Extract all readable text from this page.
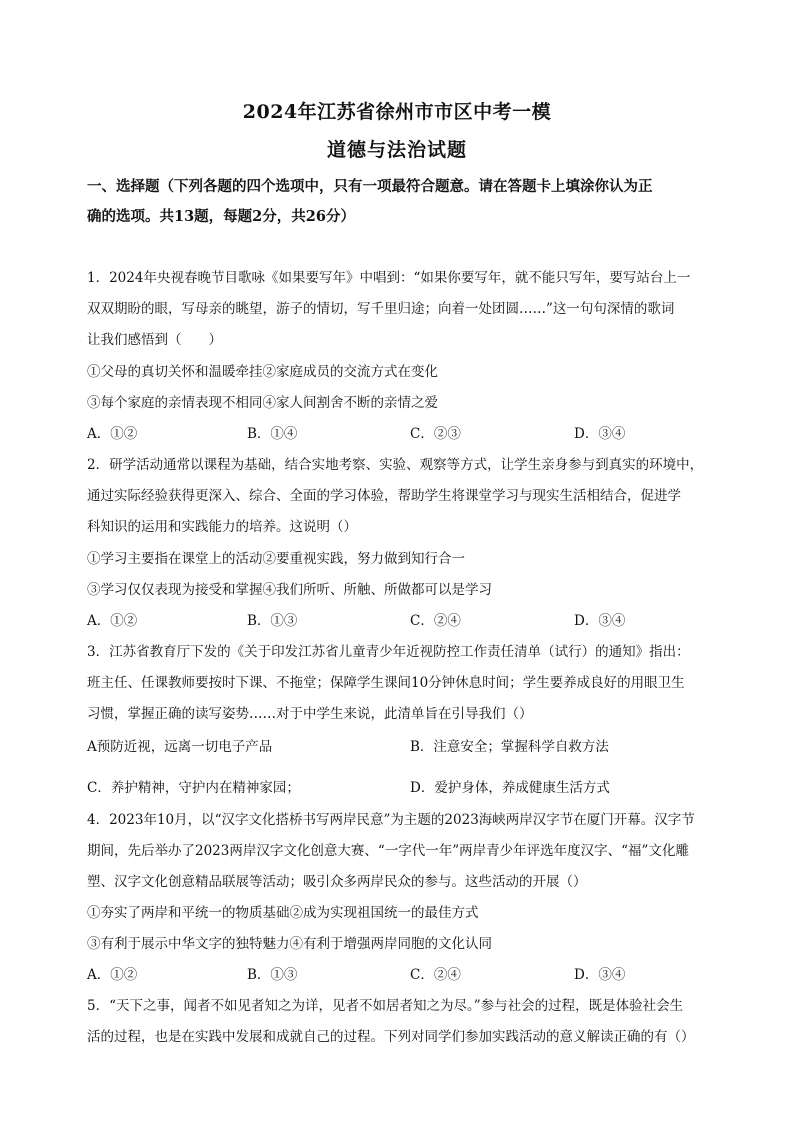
2024年江苏省徐州市市区中考一模
道德与法治试题
一、选择题（下列各题的四个选项中，只有一项最符合题意。请在答题卡上填涂你认为正
确的选项。共13题，每题2分，共26分）
1．2024年央视春晚节目歌咏《如果要写年》中唱到：“如果你要写年，就不能只写年，要写站台上一
双双期盼的眼，写母亲的眺望，游子的情切，写千里归途；向着一处团圆……”这一句句深情的歌词
让我们感悟到（　　）
①父母的真切关怀和温暖牵挂②家庭成员的交流方式在变化
③每个家庭的亲情表现不相同④家人间割舍不断的亲情之爱
A．①②	B．①④	C．②③	D．③④
2．研学活动通常以课程为基础，结合实地考察、实验、观察等方式，让学生亲身参与到真实的环境中，
通过实际经验获得更深入、综合、全面的学习体验，帮助学生将课堂学习与现实生活相结合，促进学
科知识的运用和实践能力的培养。这说明（）
①学习主要指在课堂上的活动②要重视实践，努力做到知行合一
③学习仅仅表现为接受和掌握④我们所听、所触、所做都可以是学习
A．①②	B．①③	C．②④	D．③④
3．江苏省教育厅下发的《关于印发江苏省儿童青少年近视防控工作责任清单（试行）的通知》指出：
班主任、任课教师要按时下课、不拖堂；保障学生课间10分钟休息时间；学生要养成良好的用眼卫生
习惯，掌握正确的读写姿势……对于中学生来说，此清单旨在引导我们（）
A预防近视，远离一切电子产品	B．注意安全；掌握科学自救方法
C．养护精神，守护内在精神家园；	D．爱护身体，养成健康生活方式
4．2023年10月，以“汉字文化搭桥书写两岸民意”为主题的2023海峡两岸汉字节在厦门开幕。汉字节
期间，先后举办了2023两岸汉字文化创意大赛、“一字代一年”两岸青少年评选年度汉字、“福”文化雕
塑、汉字文化创意精品联展等活动；吸引众多两岸民众的参与。这些活动的开展（）
①夯实了两岸和平统一的物质基础②成为实现祖国统一的最佳方式
③有利于展示中华文字的独特魅力④有利于增强两岸同胞的文化认同
A．①②	B．①③	C．②④	D．③④
5．“天下之事，闻者不如见者知之为详，见者不如居者知之为尽。”参与社会的过程，既是体验社会生
活的过程，也是在实践中发展和成就自己的过程。下列对同学们参加实践活动的意义解读正确的有（）
